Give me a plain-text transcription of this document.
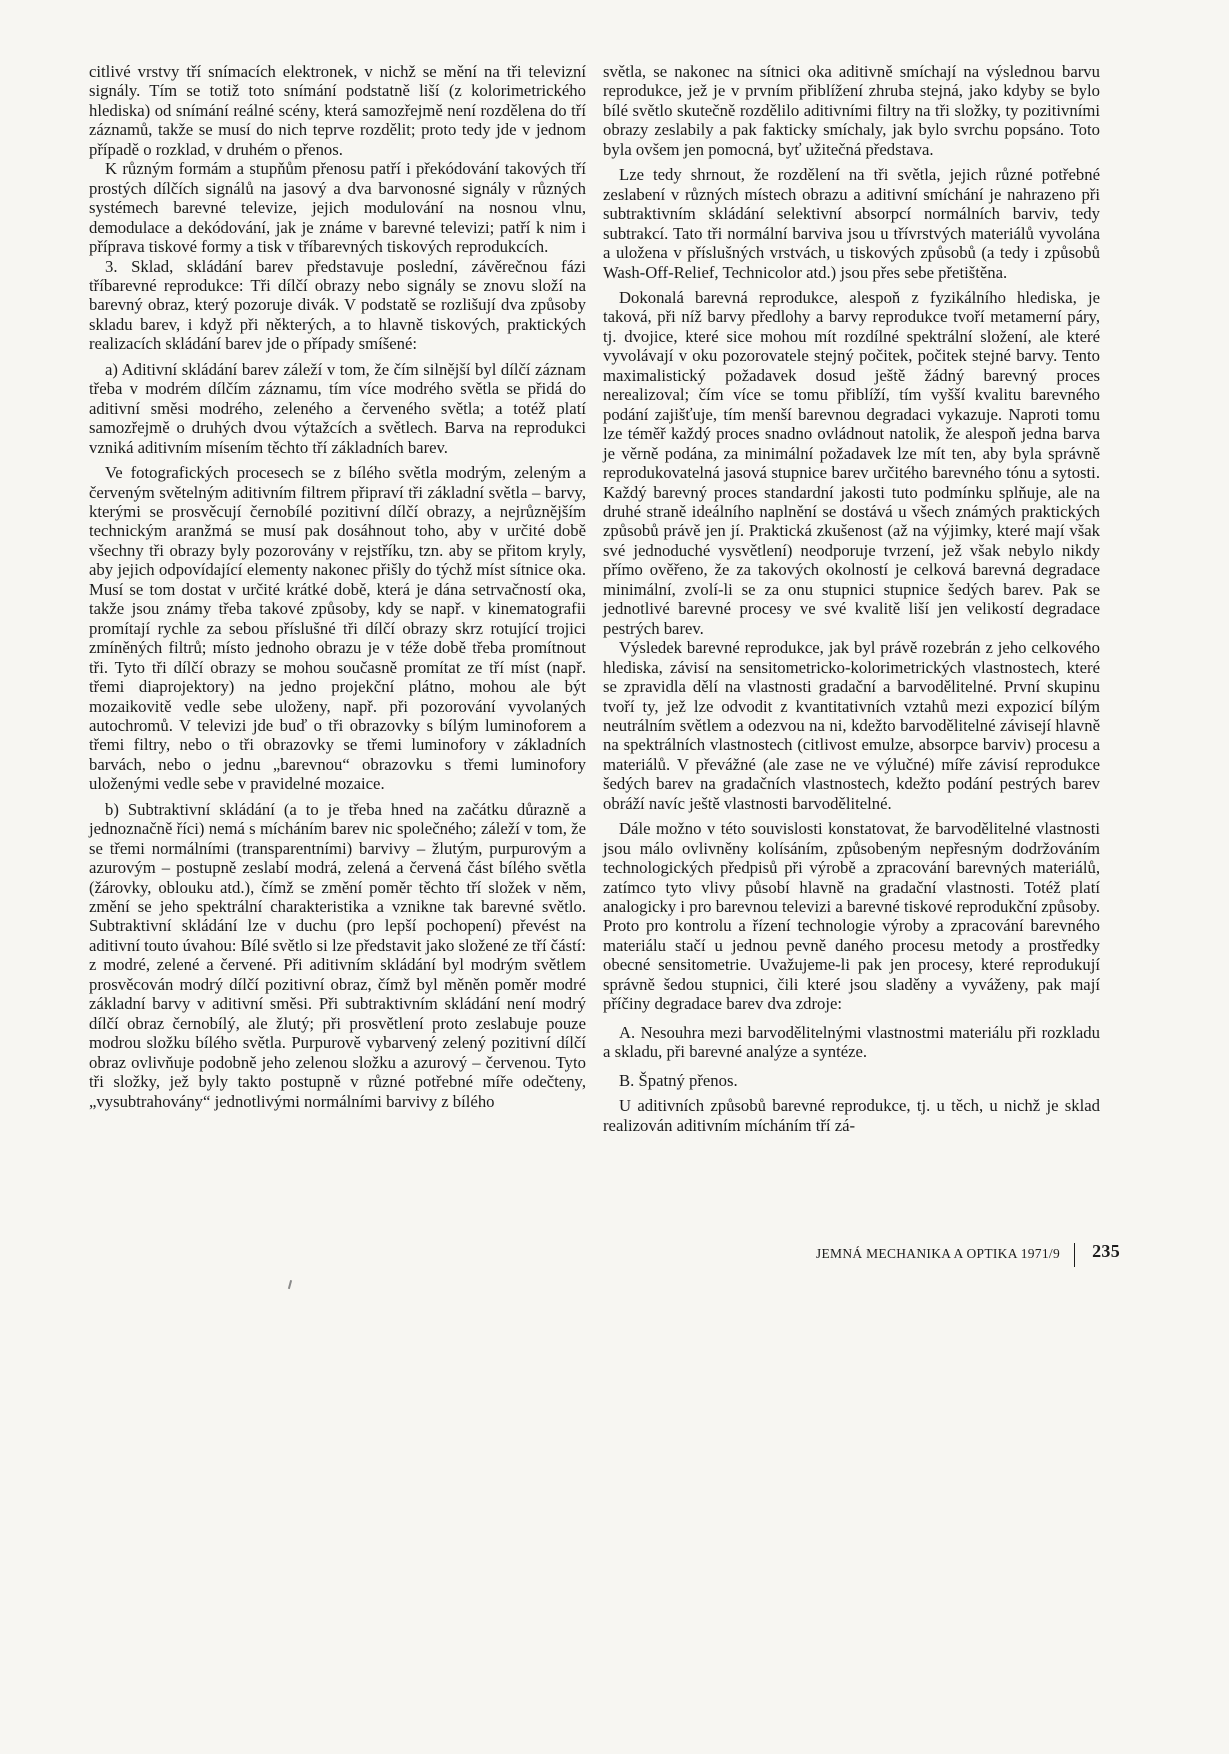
citlivé vrstvy tří snímacích elektronek, v nichž se mění na tři televizní signály. Tím se totiž toto snímání podstatně liší (z kolorimetrického hlediska) od snímání reálné scény, která samozřejmě není rozdělena do tří záznamů, takže se musí do nich teprve rozdělit; proto tedy jde v jednom případě o rozklad, v druhém o přenos.

K různým formám a stupňům přenosu patří i překódování takových tří prostých dílčích signálů na jasový a dva barvonosné signály v různých systémech barevné televize, jejich modulování na nosnou vlnu, demodulace a dekódování, jak je známe v barevné televizi; patří k nim i příprava tiskové formy a tisk v tříbarevných tiskových reprodukcích.

3. Sklad, skládání barev představuje poslední, závěrečnou fázi tříbarevné reprodukce: Tři dílčí obrazy nebo signály se znovu složí na barevný obraz, který pozoruje divák. V podstatě se rozlišují dva způsoby skladu barev, i když při některých, a to hlavně tiskových, praktických realizacích skládání barev jde o případy smíšené:

a) Aditivní skládání barev záleží v tom, že čím silnější byl dílčí záznam třeba v modrém dílčím záznamu, tím více modrého světla se přidá do aditivní směsi modrého, zeleného a červeného světla; a totéž platí samozřejmě o druhých dvou výtažcích a světlech. Barva na reprodukci vzniká aditivním mísením těchto tří základních barev.

Ve fotografických procesech se z bílého světla modrým, zeleným a červeným světelným aditivním filtrem připraví tři základní světla – barvy, kterými se prosvěcují černobílé pozitivní dílčí obrazy, a nejrůznějším technickým aranžmá se musí pak dosáhnout toho, aby v určité době všechny tři obrazy byly pozorovány v rejstříku, tzn. aby se přitom kryly, aby jejich odpovídající elementy nakonec přišly do týchž míst sítnice oka. Musí se tom dostat v určité krátké době, která je dána setrvačností oka, takže jsou známy třeba takové způsoby, kdy se např. v kinematografii promítají rychle za sebou příslušné tři dílčí obrazy skrz rotující trojici zmíněných filtrů; místo jednoho obrazu je v téže době třeba promítnout tři. Tyto tři dílčí obrazy se mohou současně promítat ze tří míst (např. třemi diaprojektory) na jedno projekční plátno, mohou ale být mozaikovitě vedle sebe uloženy, např. při pozorování vyvolaných autochromů. V televizi jde buď o tři obrazovky s bílým luminoforem a třemi filtry, nebo o tři obrazovky se třemi luminofory v základních barvách, nebo o jednu „barevnou“ obrazovku s třemi luminofory uloženými vedle sebe v pravidelné mozaice.

b) Subtraktivní skládání (a to je třeba hned na začátku důrazně a jednoznačně říci) nemá s mícháním barev nic společného; záleží v tom, že se třemi normálními (transparentními) barvivy – žlutým, purpurovým a azurovým – postupně zeslabí modrá, zelená a červená část bílého světla (žárovky, oblouku atd.), čímž se změní poměr těchto tří složek v něm, změní se jeho spektrální charakteristika a vznikne tak barevné světlo. Subtraktivní skládání lze v duchu (pro lepší pochopení) převést na aditivní touto úvahou: Bílé světlo si lze představit jako složené ze tří částí: z modré, zelené a červené. Při aditivním skládání byl modrým světlem prosvěcován modrý dílčí pozitivní obraz, čímž byl měněn poměr modré základní barvy v aditivní směsi. Při subtraktivním skládání není modrý dílčí obraz černobílý, ale žlutý; při prosvětlení proto zeslabuje pouze modrou složku bílého světla. Purpurově vybarvený zelený pozitivní dílčí obraz ovlivňuje podobně jeho zelenou složku a azurový – červenou. Tyto tři složky, jež byly takto postupně v různé potřebné míře odečteny, „vysubtrahovány“ jednotlivými normálními barvivy z bílého

světla, se nakonec na sítnici oka aditivně smíchají na výslednou barvu reprodukce, jež je v prvním přiblížení zhruba stejná, jako kdyby se bylo bílé světlo skutečně rozdělilo aditivními filtry na tři složky, ty pozitivními obrazy zeslabily a pak fakticky smíchaly, jak bylo svrchu popsáno. Toto byla ovšem jen pomocná, byť užitečná představa.

Lze tedy shrnout, že rozdělení na tři světla, jejich různé potřebné zeslabení v různých místech obrazu a aditivní smíchání je nahrazeno při subtraktivním skládání selektivní absorpcí normálních barviv, tedy subtrakcí. Tato tři normální barviva jsou u třívrstvých materiálů vyvolána a uložena v příslušných vrstvách, u tiskových způsobů (a tedy i způsobů Wash-Off-Relief, Technicolor atd.) jsou přes sebe přetištěna.

Dokonalá barevná reprodukce, alespoň z fyzikálního hlediska, je taková, při níž barvy předlohy a barvy reprodukce tvoří metamerní páry, tj. dvojice, které sice mohou mít rozdílné spektrální složení, ale které vyvolávají v oku pozorovatele stejný počitek, počitek stejné barvy. Tento maximalistický požadavek dosud ještě žádný barevný proces nerealizoval; čím více se tomu přiblíží, tím vyšší kvalitu barevného podání zajišťuje, tím menší barevnou degradaci vykazuje. Naproti tomu lze téměř každý proces snadno ovládnout natolik, že alespoň jedna barva je věrně podána, za minimální požadavek lze mít ten, aby byla správně reprodukovatelná jasová stupnice barev určitého barevného tónu a sytosti. Každý barevný proces standardní jakosti tuto podmínku splňuje, ale na druhé straně ideálního naplnění se dostává u všech známých praktických způsobů právě jen jí. Praktická zkušenost (až na výjimky, které mají však své jednoduché vysvětlení) neodporuje tvrzení, jež však nebylo nikdy přímo ověřeno, že za takových okolností je celková barevná degradace minimální, zvolí-li se za onu stupnici stupnice šedých barev. Pak se jednotlivé barevné procesy ve své kvalitě liší jen velikostí degradace pestrých barev.

Výsledek barevné reprodukce, jak byl právě rozebrán z jeho celkového hlediska, závisí na sensitometricko-kolorimetrických vlastnostech, které se zpravidla dělí na vlastnosti gradační a barvodělitelné. První skupinu tvoří ty, jež lze odvodit z kvantitativních vztahů mezi expozicí bílým neutrálním světlem a odezvou na ni, kdežto barvodělitelné závisejí hlavně na spektrálních vlastnostech (citlivost emulze, absorpce barviv) procesu a materiálů. V převážné (ale zase ne ve výlučné) míře závisí reprodukce šedých barev na gradačních vlastnostech, kdežto podání pestrých barev obráží navíc ještě vlastnosti barvodělitelné.

Dále možno v této souvislosti konstatovat, že barvodělitelné vlastnosti jsou málo ovlivněny kolísáním, způsobeným nepřesným dodržováním technologických předpisů při výrobě a zpracování barevných materiálů, zatímco tyto vlivy působí hlavně na gradační vlastnosti. Totéž platí analogicky i pro barevnou televizi a barevné tiskové reprodukční způsoby. Proto pro kontrolu a řízení technologie výroby a zpracování barevného materiálu stačí u jednou pevně daného procesu metody a prostředky obecné sensitometrie. Uvažujeme-li pak jen procesy, které reprodukují správně šedou stupnici, čili které jsou sladěny a vyváženy, pak mají příčiny degradace barev dva zdroje:

A. Nesouhra mezi barvodělitelnými vlastnostmi materiálu při rozkladu a skladu, při barevné analýze a syntéze.

B. Špatný přenos.

U aditivních způsobů barevné reprodukce, tj. u těch, u nichž je sklad realizován aditivním mícháním tří zá-

JEMNÁ MECHANIKA A OPTIKA 1971/9 235
